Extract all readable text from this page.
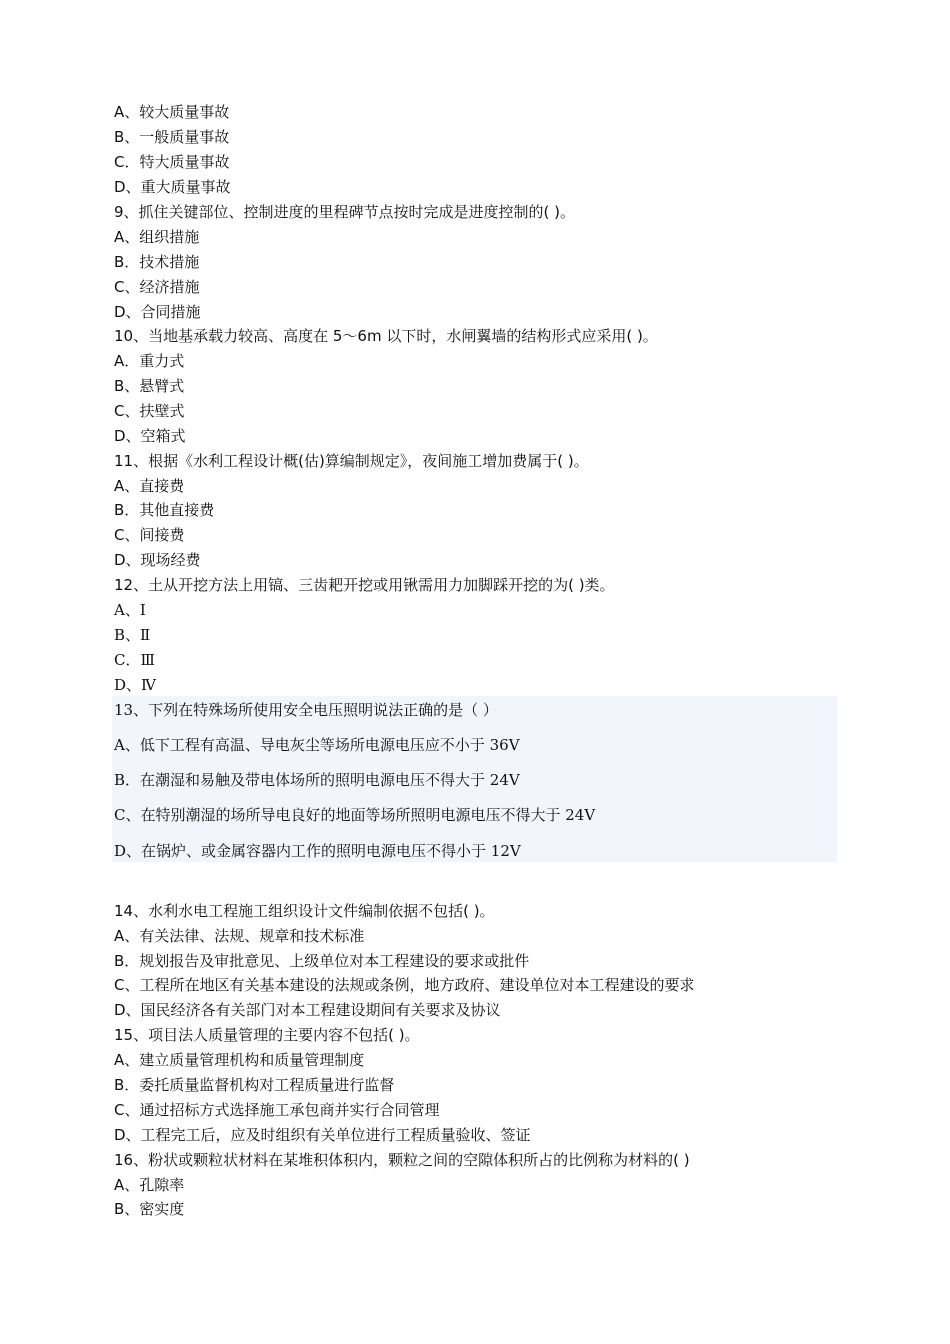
A、较大质量事故
B、一般质量事故
C．特大质量事故
D、重大质量事故
9、抓住关键部位、控制进度的里程碑节点按时完成是进度控制的( )。
A、组织措施
B．技术措施
C、经济措施
D、合同措施
10、当地基承载力较高、高度在 5～6m 以下时，水闸翼墙的结构形式应采用( )。
A．重力式
B、悬臂式
C、扶壁式
D、空箱式
11、根据《水利工程设计概(估)算编制规定》，夜间施工增加费属于( )。
A、直接费
B．其他直接费
C、间接费
D、现场经费
12、土从开挖方法上用镐、三齿耙开挖或用锹需用力加脚踩开挖的为( )类。
A、Ⅰ
B、Ⅱ
C．Ⅲ
D、Ⅳ
13、下列在特殊场所使用安全电压照明说法正确的是（ ）
A、低下工程有高温、导电灰尘等场所电源电压应不小于 36V
B．在潮湿和易触及带电体场所的照明电源电压不得大于 24V
C、在特别潮湿的场所导电良好的地面等场所照明电源电压不得大于 24V
D、在锅炉、或金属容器内工作的照明电源电压不得小于 12V
14、水利水电工程施工组织设计文件编制依据不包括( )。
A、有关法律、法规、规章和技术标准
B．规划报告及审批意见、上级单位对本工程建设的要求或批件
C、工程所在地区有关基本建设的法规或条例，地方政府、建设单位对本工程建设的要求
D、国民经济各有关部门对本工程建设期间有关要求及协议
15、项目法人质量管理的主要内容不包括( )。
A、建立质量管理机构和质量管理制度
B．委托质量监督机构对工程质量进行监督
C、通过招标方式选择施工承包商并实行合同管理
D、工程完工后，应及时组织有关单位进行工程质量验收、签证
16、粉状或颗粒状材料在某堆积体积内，颗粒之间的空隙体积所占的比例称为材料的( )
A、孔隙率
B、密实度
